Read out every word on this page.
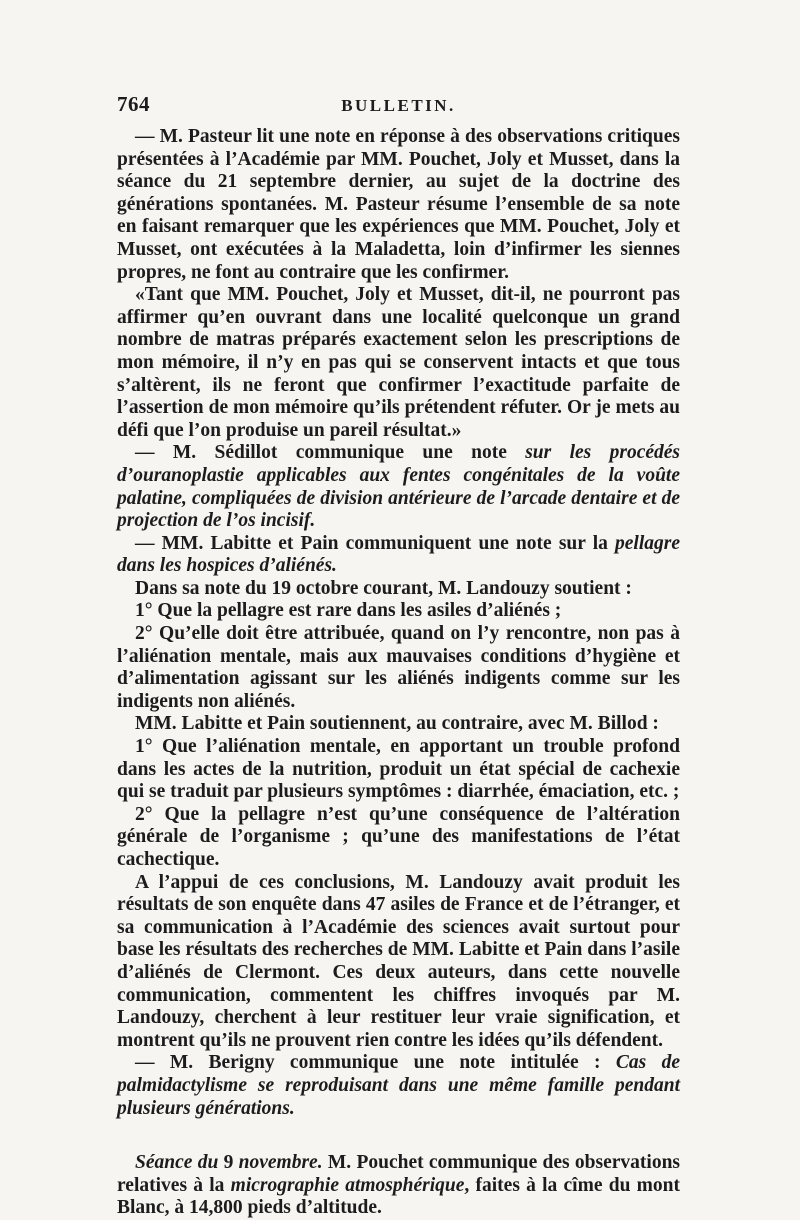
764	BULLETIN.

— M. Pasteur lit une note en réponse à des observations critiques présentées à l’Académie par MM. Pouchet, Joly et Musset, dans la séance du 21 septembre dernier, au sujet de la doctrine des générations spontanées. M. Pasteur résume l’ensemble de sa note en faisant remarquer que les expériences que MM. Pouchet, Joly et Musset, ont exécutées à la Maladetta, loin d’infirmer les siennes propres, ne font au contraire que les confirmer.

«Tant que MM. Pouchet, Joly et Musset, dit-il, ne pourront pas affirmer qu’en ouvrant dans une localité quelconque un grand nombre de matras préparés exactement selon les prescriptions de mon mémoire, il n’y en pas qui se conservent intacts et que tous s’altèrent, ils ne feront que confirmer l’exactitude parfaite de l’assertion de mon mémoire qu’ils prétendent réfuter. Or je mets au défi que l’on produise un pareil résultat.»

— M. Sédillot communique une note sur les procédés d’ouranoplastie applicables aux fentes congénitales de la voûte palatine, compliquées de division antérieure de l’arcade dentaire et de projection de l’os incisif.

— MM. Labitte et Pain communiquent une note sur la pellagre dans les hospices d’aliénés.

Dans sa note du 19 octobre courant, M. Landouzy soutient :

1° Que la pellagre est rare dans les asiles d’aliénés ;

2° Qu’elle doit être attribuée, quand on l’y rencontre, non pas à l’aliénation mentale, mais aux mauvaises conditions d’hygiène et d’alimentation agissant sur les aliénés indigents comme sur les indigents non aliénés.

MM. Labitte et Pain soutiennent, au contraire, avec M. Billod :

1° Que l’aliénation mentale, en apportant un trouble profond dans les actes de la nutrition, produit un état spécial de cachexie qui se traduit par plusieurs symptômes : diarrhée, émaciation, etc. ;

2° Que la pellagre n’est qu’une conséquence de l’altération générale de l’organisme ; qu’une des manifestations de l’état cachectique.

A l’appui de ces conclusions, M. Landouzy avait produit les résultats de son enquête dans 47 asiles de France et de l’étranger, et sa communication à l’Académie des sciences avait surtout pour base les résultats des recherches de MM. Labitte et Pain dans l’asile d’aliénés de Clermont. Ces deux auteurs, dans cette nouvelle communication, commentent les chiffres invoqués par M. Landouzy, cherchent à leur restituer leur vraie signification, et montrent qu’ils ne prouvent rien contre les idées qu’ils défendent.

— M. Berigny communique une note intitulée : Cas de palmidactylisme se reproduisant dans une même famille pendant plusieurs générations.

Séance du 9 novembre. M. Pouchet communique des observations relatives à la micrographie atmosphérique, faites à la cîme du mont Blanc, à 14,800 pieds d’altitude.
